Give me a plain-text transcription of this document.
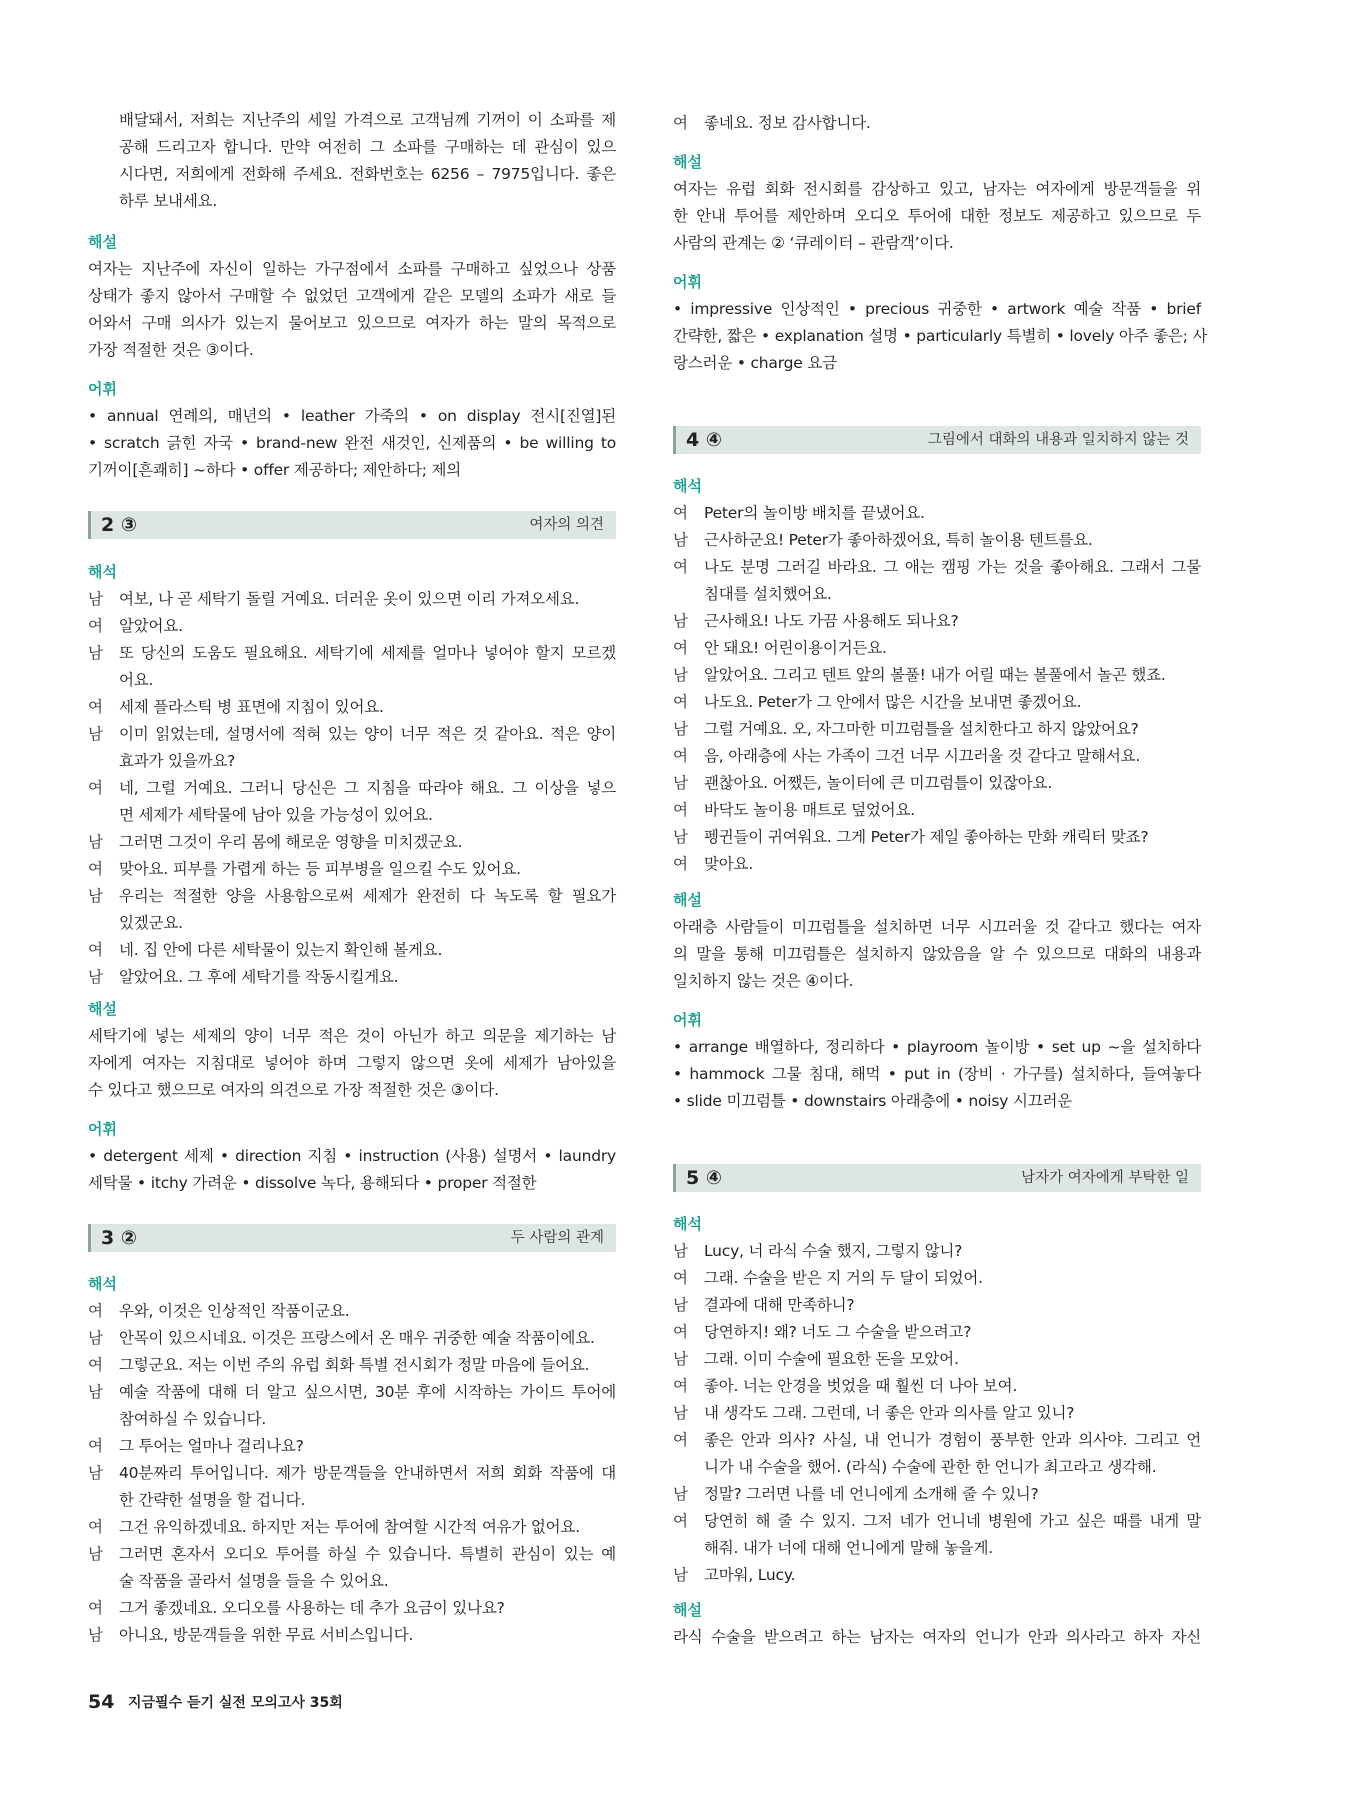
배달돼서, 저희는 지난주의 세일 가격으로 고객님께 기꺼이 이 소파를 제
공해 드리고자 합니다. 만약 여전히 그 소파를 구매하는 데 관심이 있으
시다면, 저희에게 전화해 주세요. 전화번호는 6256 – 7975입니다. 좋은
하루 보내세요.
해설
여자는 지난주에 자신이 일하는 가구점에서 소파를 구매하고 싶었으나 상품
상태가 좋지 않아서 구매할 수 없었던 고객에게 같은 모델의 소파가 새로 들
어와서 구매 의사가 있는지 물어보고 있으므로 여자가 하는 말의 목적으로
가장 적절한 것은 ③이다.
어휘
• annual 연례의, 매년의 • leather 가죽의 • on display 전시[진열]된
• scratch 긁힌 자국 • brand-new 완전 새것인, 신제품의 • be willing to
기꺼이[흔쾌히] ~하다 • offer 제공하다; 제안하다; 제의
2 ③	여자의 의견
해석
남	여보, 나 곧 세탁기 돌릴 거예요. 더러운 옷이 있으면 이리 가져오세요.
여	알았어요.
남	또 당신의 도움도 필요해요. 세탁기에 세제를 얼마나 넣어야 할지 모르겠
어요.
여	세제 플라스틱 병 표면에 지침이 있어요.
남	이미 읽었는데, 설명서에 적혀 있는 양이 너무 적은 것 같아요. 적은 양이
효과가 있을까요?
여	네, 그럴 거예요. 그러니 당신은 그 지침을 따라야 해요. 그 이상을 넣으
면 세제가 세탁물에 남아 있을 가능성이 있어요.
남	그러면 그것이 우리 몸에 해로운 영향을 미치겠군요.
여	맞아요. 피부를 가렵게 하는 등 피부병을 일으킬 수도 있어요.
남	우리는 적절한 양을 사용함으로써 세제가 완전히 다 녹도록 할 필요가
있겠군요.
여	네. 집 안에 다른 세탁물이 있는지 확인해 볼게요.
남	알았어요. 그 후에 세탁기를 작동시킬게요.
해설
세탁기에 넣는 세제의 양이 너무 적은 것이 아닌가 하고 의문을 제기하는 남
자에게 여자는 지침대로 넣어야 하며 그렇지 않으면 옷에 세제가 남아있을
수 있다고 했으므로 여자의 의견으로 가장 적절한 것은 ③이다.
어휘
• detergent 세제 • direction 지침 • instruction (사용) 설명서 • laundry
세탁물 • itchy 가려운 • dissolve 녹다, 용해되다 • proper 적절한
3 ②	두 사람의 관계
해석
여	우와, 이것은 인상적인 작품이군요.
남	안목이 있으시네요. 이것은 프랑스에서 온 매우 귀중한 예술 작품이에요.
여	그렇군요. 저는 이번 주의 유럽 회화 특별 전시회가 정말 마음에 들어요.
남	예술 작품에 대해 더 알고 싶으시면, 30분 후에 시작하는 가이드 투어에
참여하실 수 있습니다.
여	그 투어는 얼마나 걸리나요?
남	40분짜리 투어입니다. 제가 방문객들을 안내하면서 저희 회화 작품에 대
한 간략한 설명을 할 겁니다.
여	그건 유익하겠네요. 하지만 저는 투어에 참여할 시간적 여유가 없어요.
남	그러면 혼자서 오디오 투어를 하실 수 있습니다. 특별히 관심이 있는 예
술 작품을 골라서 설명을 들을 수 있어요.
여	그거 좋겠네요. 오디오를 사용하는 데 추가 요금이 있나요?
남	아니요, 방문객들을 위한 무료 서비스입니다.
여	좋네요. 정보 감사합니다.
해설
여자는 유럽 회화 전시회를 감상하고 있고, 남자는 여자에게 방문객들을 위
한 안내 투어를 제안하며 오디오 투어에 대한 정보도 제공하고 있으므로 두
사람의 관계는 ② ‘큐레이터 – 관람객’이다.
어휘
• impressive 인상적인 • precious 귀중한 • artwork 예술 작품 • brief
간략한, 짧은 • explanation 설명 • particularly 특별히 • lovely 아주 좋은; 사
랑스러운 • charge 요금
4 ④	그림에서 대화의 내용과 일치하지 않는 것
해석
여	Peter의 놀이방 배치를 끝냈어요.
남	근사하군요! Peter가 좋아하겠어요, 특히 놀이용 텐트를요.
여	나도 분명 그러길 바라요. 그 애는 캠핑 가는 것을 좋아해요. 그래서 그물
침대를 설치했어요.
남	근사해요! 나도 가끔 사용해도 되나요?
여	안 돼요! 어린이용이거든요.
남	알았어요. 그리고 텐트 앞의 볼풀! 내가 어릴 때는 볼풀에서 놀곤 했죠.
여	나도요. Peter가 그 안에서 많은 시간을 보내면 좋겠어요.
남	그럴 거예요. 오, 자그마한 미끄럼틀을 설치한다고 하지 않았어요?
여	음, 아래층에 사는 가족이 그건 너무 시끄러울 것 같다고 말해서요.
남	괜찮아요. 어쨌든, 놀이터에 큰 미끄럼틀이 있잖아요.
여	바닥도 놀이용 매트로 덮었어요.
남	펭귄들이 귀여워요. 그게 Peter가 제일 좋아하는 만화 캐릭터 맞죠?
여	맞아요.
해설
아래층 사람들이 미끄럼틀을 설치하면 너무 시끄러울 것 같다고 했다는 여자
의 말을 통해 미끄럼틀은 설치하지 않았음을 알 수 있으므로 대화의 내용과
일치하지 않는 것은 ④이다.
어휘
• arrange 배열하다, 정리하다 • playroom 놀이방 • set up ~을 설치하다
• hammock 그물 침대, 해먹 • put in (장비 · 가구를) 설치하다, 들여놓다
• slide 미끄럼틀 • downstairs 아래층에 • noisy 시끄러운
5 ④	남자가 여자에게 부탁한 일
해석
남	Lucy, 너 라식 수술 했지, 그렇지 않니?
여	그래. 수술을 받은 지 거의 두 달이 되었어.
남	결과에 대해 만족하니?
여	당연하지! 왜? 너도 그 수술을 받으려고?
남	그래. 이미 수술에 필요한 돈을 모았어.
여	좋아. 너는 안경을 벗었을 때 훨씬 더 나아 보여.
남	내 생각도 그래. 그런데, 너 좋은 안과 의사를 알고 있니?
여	좋은 안과 의사? 사실, 내 언니가 경험이 풍부한 안과 의사야. 그리고 언
니가 내 수술을 했어. (라식) 수술에 관한 한 언니가 최고라고 생각해.
남	정말? 그러면 나를 네 언니에게 소개해 줄 수 있니?
여	당연히 해 줄 수 있지. 그저 네가 언니네 병원에 가고 싶은 때를 내게 말
해줘. 내가 너에 대해 언니에게 말해 놓을게.
남	고마워, Lucy.
해설
라식 수술을 받으려고 하는 남자는 여자의 언니가 안과 의사라고 하자 자신
54 지금필수 듣기 실전 모의고사 35회
